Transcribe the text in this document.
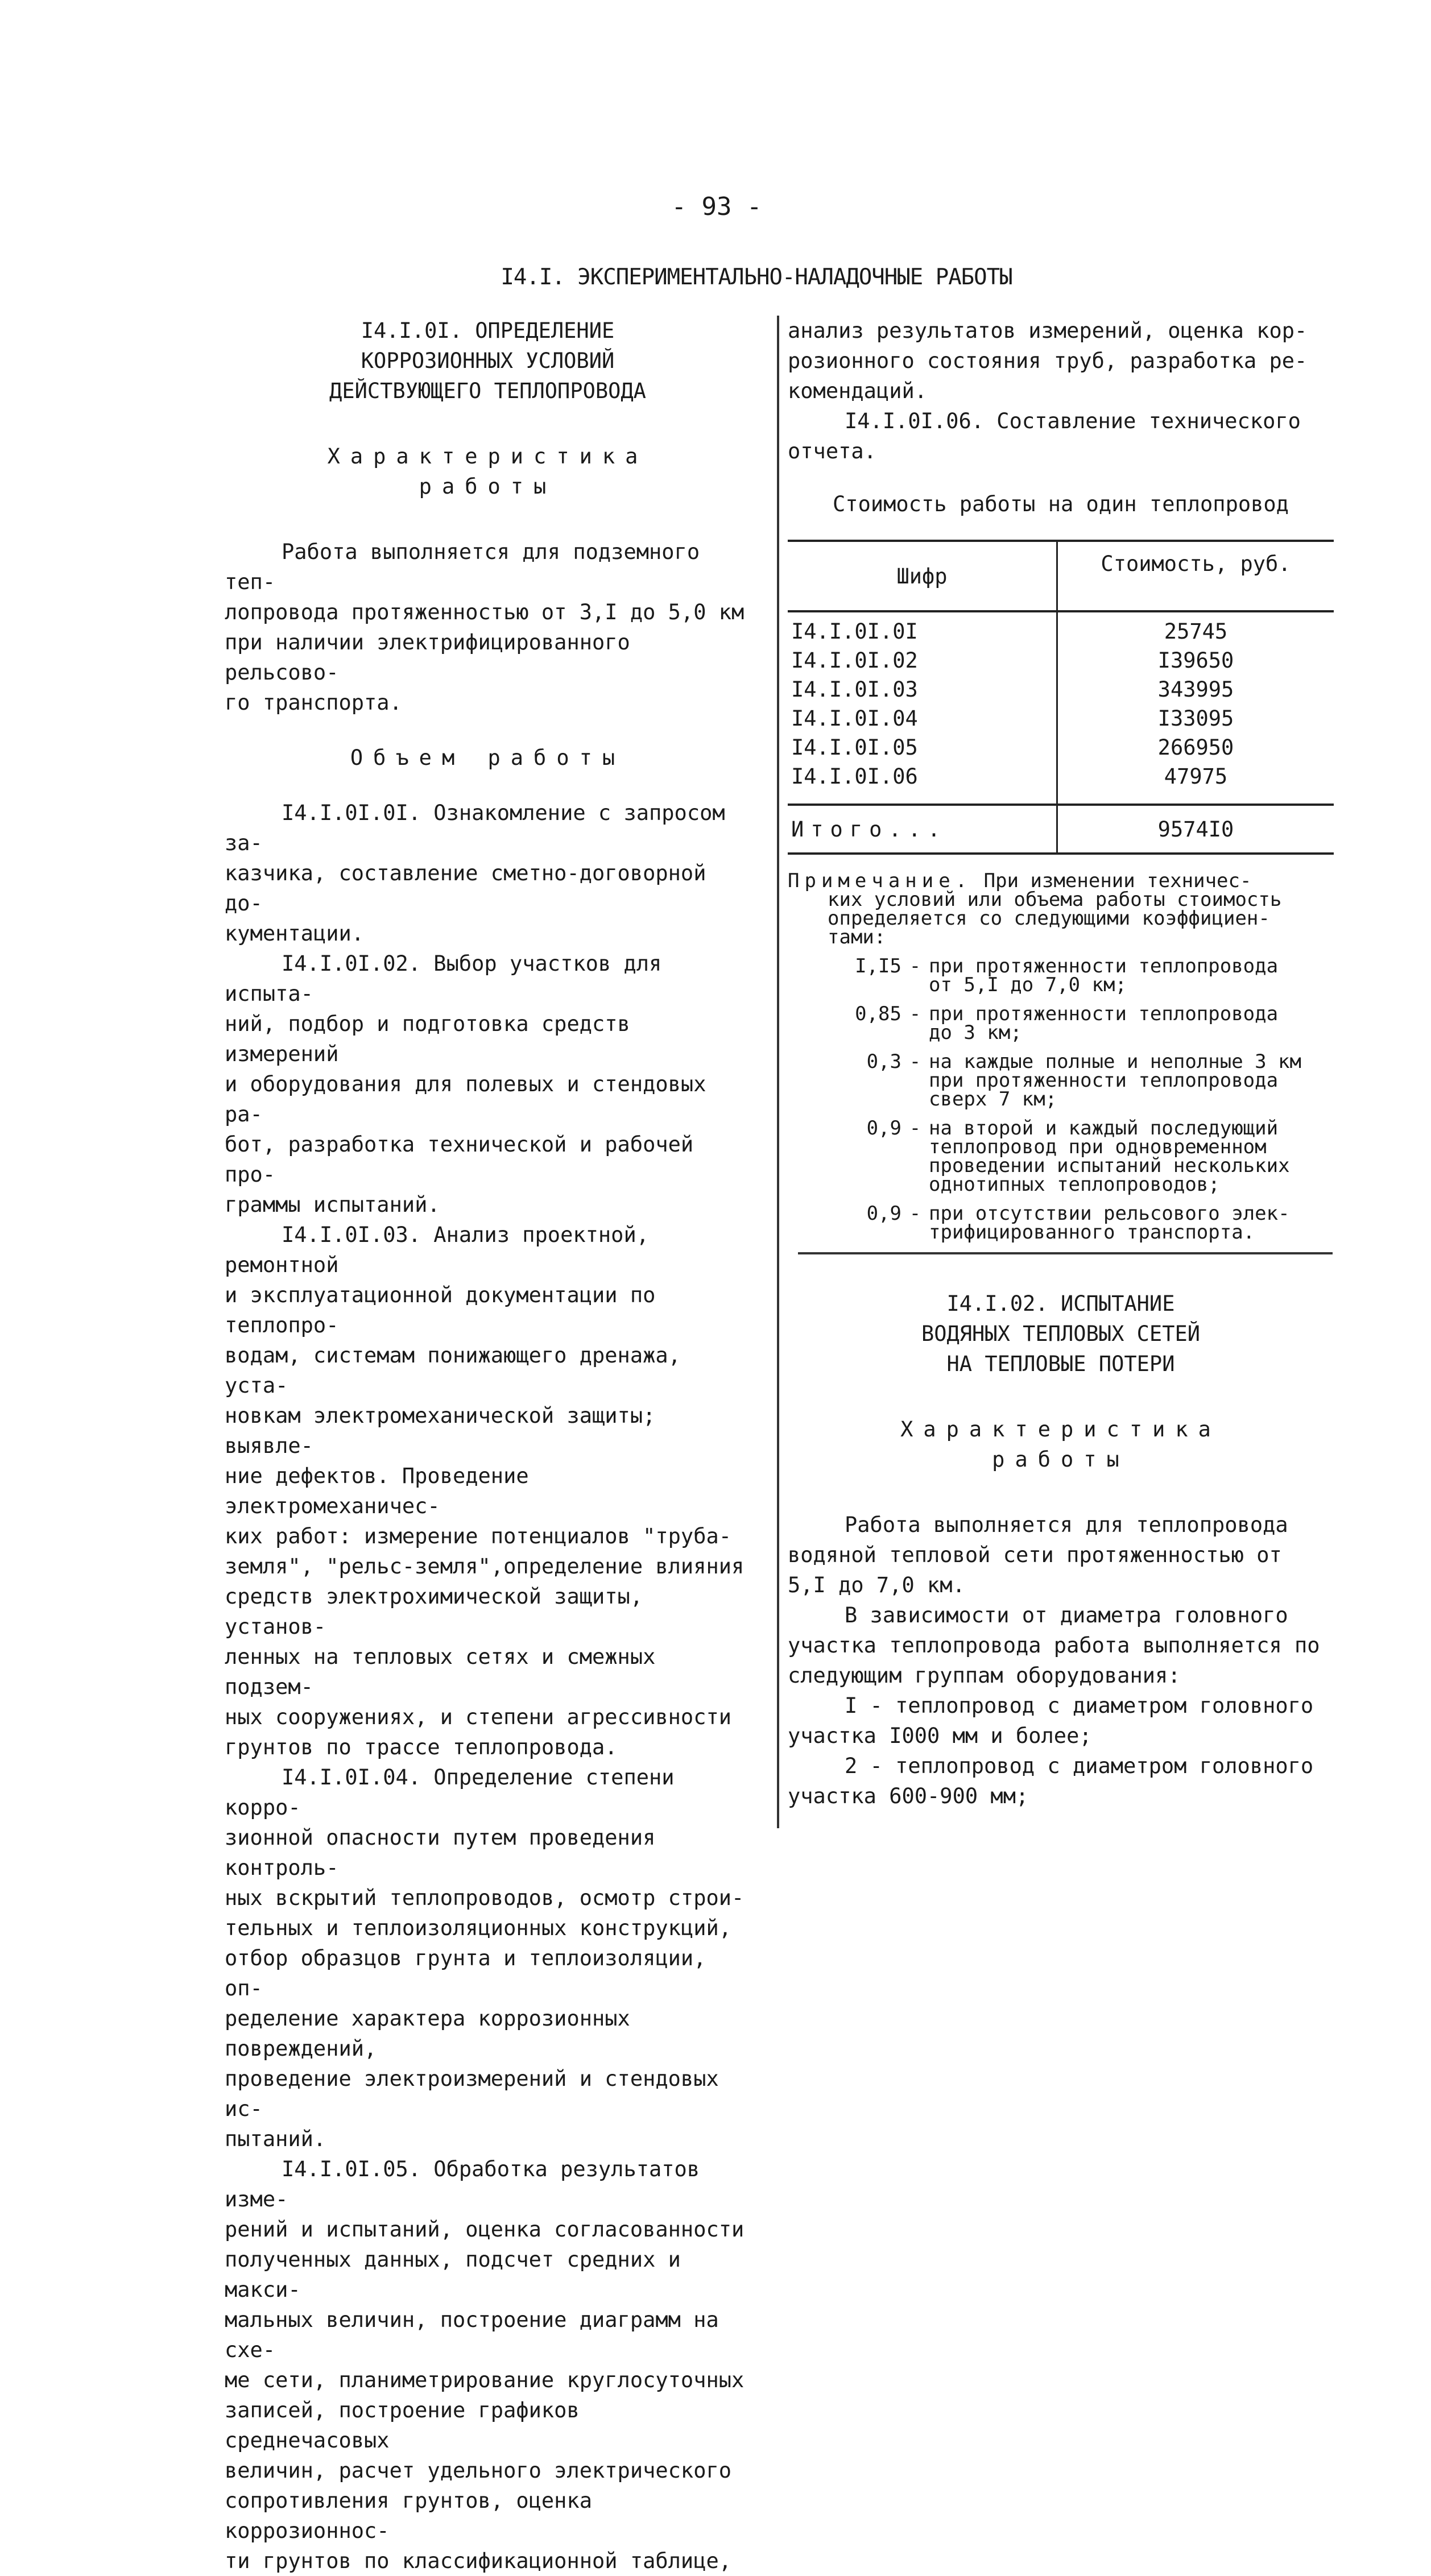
- 93 -
I4.I. ЭКСПЕРИМЕНТАЛЬНО-НАЛАДОЧНЫЕ РАБОТЫ
I4.I.0I. ОПРЕДЕЛЕНИЕ
КОРРОЗИОННЫХ УСЛОВИЙ
ДЕЙСТВУЮЩЕГО ТЕПЛОПРОВОДА

Характеристика

работы

Работа выполняется для подземного теп-

лопровода протяженностью от 3,I до 5,0 км

при наличии электрифицированного рельсово-

го транспорта.

Объем работы

I4.I.0I.0I. Ознакомление с запросом за-

казчика, составление сметно-договорной до-

кументации.

I4.I.0I.02. Выбор участков для испыта-

ний, подбор и подготовка средств измерений

и оборудования для полевых и стендовых ра-

бот, разработка технической и рабочей про-

граммы испытаний.

I4.I.0I.03. Анализ проектной, ремонтной

и эксплуатационной документации по теплопро-

водам, системам понижающего дренажа, уста-

новкам электромеханической защиты; выявле-

ние дефектов. Проведение электромеханичес-

ких работ: измерение потенциалов "труба-

земля", "рельс-земля",определение влияния

средств электрохимической защиты, установ-

ленных на тепловых сетях и смежных подзем-

ных сооружениях, и степени агрессивности

грунтов по трассе теплопровода.

I4.I.0I.04. Определение степени корро-

зионной опасности путем проведения контроль-

ных вскрытий теплопроводов, осмотр строи-

тельных и теплоизоляционных конструкций,

отбор образцов грунта и теплоизоляции, оп-

ределение характера коррозионных повреждений,

проведение электроизмерений и стендовых ис-

пытаний.

I4.I.0I.05. Обработка результатов изме-

рений и испытаний, оценка согласованности

полученных данных, подсчет средних и макси-

мальных величин, построение диаграмм на схе-

ме сети, планиметрирование круглосуточных

записей, построение графиков среднечасовых

величин, расчет удельного электрического

сопротивления грунтов, оценка коррозионнос-

ти грунтов по классификационной таблице,

анализ результатов измерений, оценка кор-

розионного состояния труб, разработка ре-

комендаций.

I4.I.0I.06. Составление технического

отчета.

Стоимость работы на один теплопровод

Шифр	Стоимость, руб.
I4.I.0I.0I	25745
I4.I.0I.02	I39650
I4.I.0I.03	343995
I4.I.0I.04	I33095
I4.I.0I.05	266950
I4.I.0I.06	47975
Итого...	9574I0

Примечание. При изменении техничес-

ких условий или объема работы стоимость

определяется со следующими коэффициен-

тами:

I,I5 - при протяженности теплопровода
от 5,I до 7,0 км;
0,85 - при протяженности теплопровода
до 3 км;
0,3 - на каждые полные и неполные 3 км
при протяженности теплопровода
сверх 7 км;
0,9 - на второй и каждый последующий
теплопровод при одновременном
проведении испытаний нескольких
однотипных теплопроводов;
0,9 - при отсутствии рельсового элек-
трифицированного транспорта.
I4.I.02. ИСПЫТАНИЕ
ВОДЯНЫХ ТЕПЛОВЫХ СЕТЕЙ
НА ТЕПЛОВЫЕ ПОТЕРИ

Характеристика

работы

Работа выполняется для теплопровода

водяной тепловой сети протяженностью от

5,I до 7,0 км.

В зависимости от диаметра головного

участка теплопровода работа выполняется по

следующим группам оборудования:

I - теплопровод с диаметром головного

участка I000 мм и более;

2 - теплопровод с диаметром головного

участка 600-900 мм;
